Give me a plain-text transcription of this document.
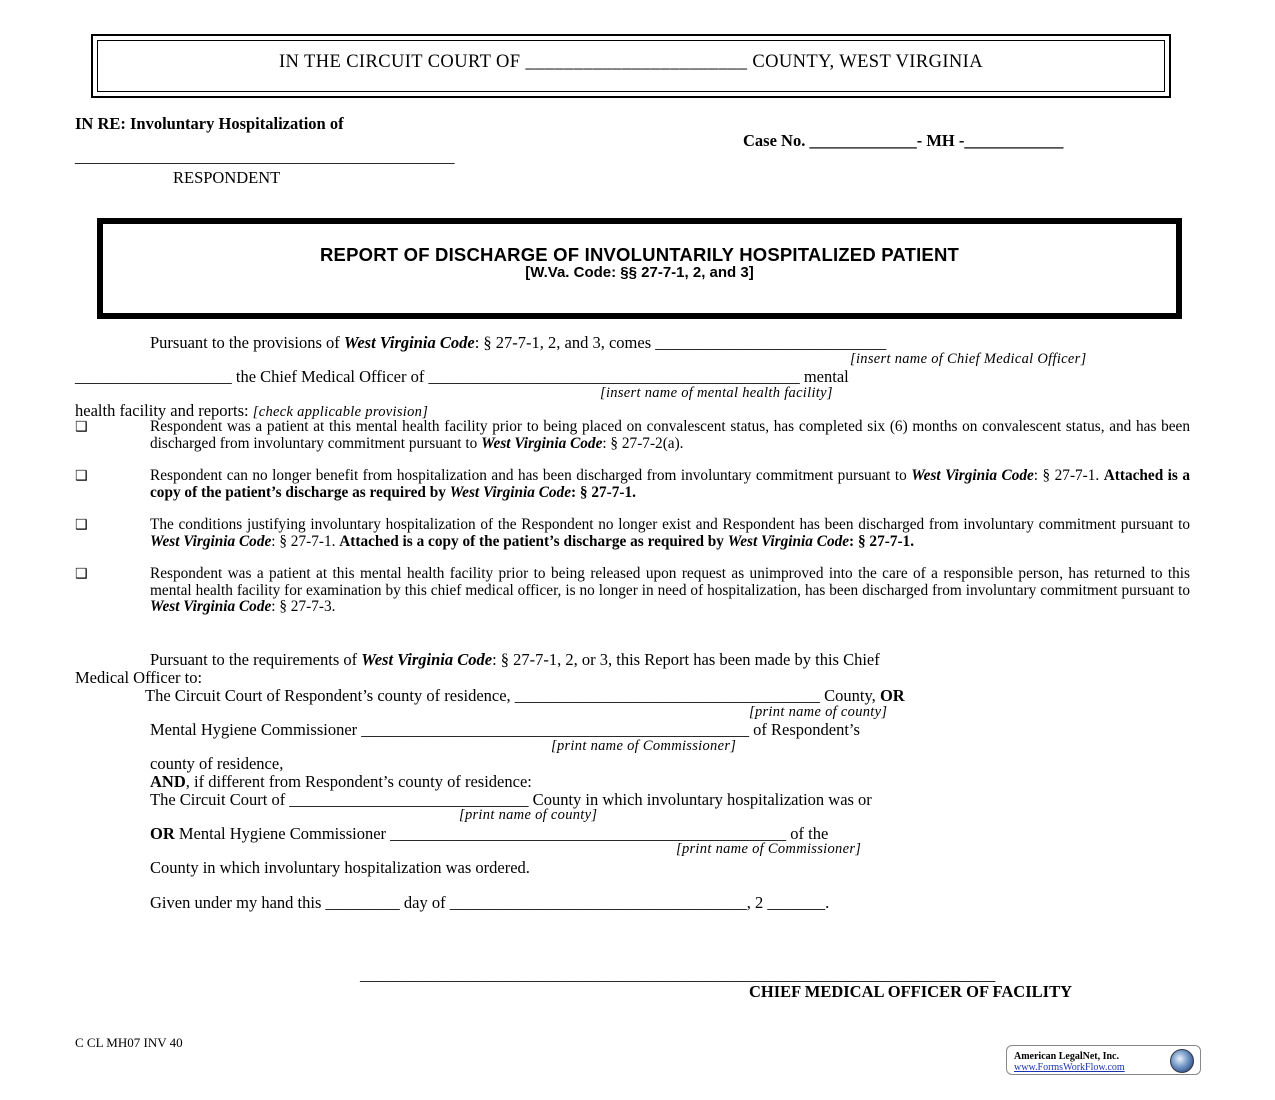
IN THE CIRCUIT COURT OF _______________________ COUNTY, WEST VIRGINIA
IN RE: Involuntary Hospitalization of
Case No. _____________- MH -____________
______________________________________________
RESPONDENT
REPORT OF DISCHARGE OF INVOLUNTARILY HOSPITALIZED PATIENT
[W.Va. Code: §§ 27-7-1, 2, and 3]
Pursuant to the provisions of West Virginia Code: § 27-7-1, 2, and 3, comes ____________________________
[insert name of Chief Medical Officer]
___________________ the Chief Medical Officer of _____________________________________________ mental
[insert name of mental health facility]
health facility and reports: [check applicable provision]
❑	Respondent was a patient at this mental health facility prior to being placed on convalescent status, has completed six (6) months on convalescent status, and has been discharged from involuntary commitment pursuant to West Virginia Code: § 27-7-2(a).
❑	Respondent can no longer benefit from hospitalization and has been discharged from involuntary commitment pursuant to West Virginia Code: § 27-7-1. Attached is a copy of the patient’s discharge as required by West Virginia Code: § 27-7-1.
❑	The conditions justifying involuntary hospitalization of the Respondent no longer exist and Respondent has been discharged from involuntary commitment pursuant to West Virginia Code: § 27-7-1. Attached is a copy of the patient’s discharge as required by West Virginia Code: § 27-7-1.
❑	Respondent was a patient at this mental health facility prior to being released upon request as unimproved into the care of a responsible person, has returned to this mental health facility for examination by this chief medical officer, is no longer in need of hospitalization, has been discharged from involuntary commitment pursuant to West Virginia Code: § 27-7-3.
Pursuant to the requirements of West Virginia Code: § 27-7-1, 2, or 3, this Report has been made by this Chief
Medical Officer to:
The Circuit Court of Respondent’s county of residence, _____________________________________ County, OR
[print name of county]
Mental Hygiene Commissioner _______________________________________________ of Respondent’s
[print name of Commissioner]
county of residence,
AND, if different from Respondent’s county of residence:
The Circuit Court of _____________________________ County in which involuntary hospitalization was or
[print name of county]
OR Mental Hygiene Commissioner ________________________________________________ of the
[print name of Commissioner]
County in which involuntary hospitalization was ordered.
Given under my hand this _________ day of ____________________________________, 2 _______.
_____________________________________________________________________________
CHIEF MEDICAL OFFICER OF FACILITY
C CL MH07 INV 40
American LegalNet, Inc.
www.FormsWorkFlow.com
